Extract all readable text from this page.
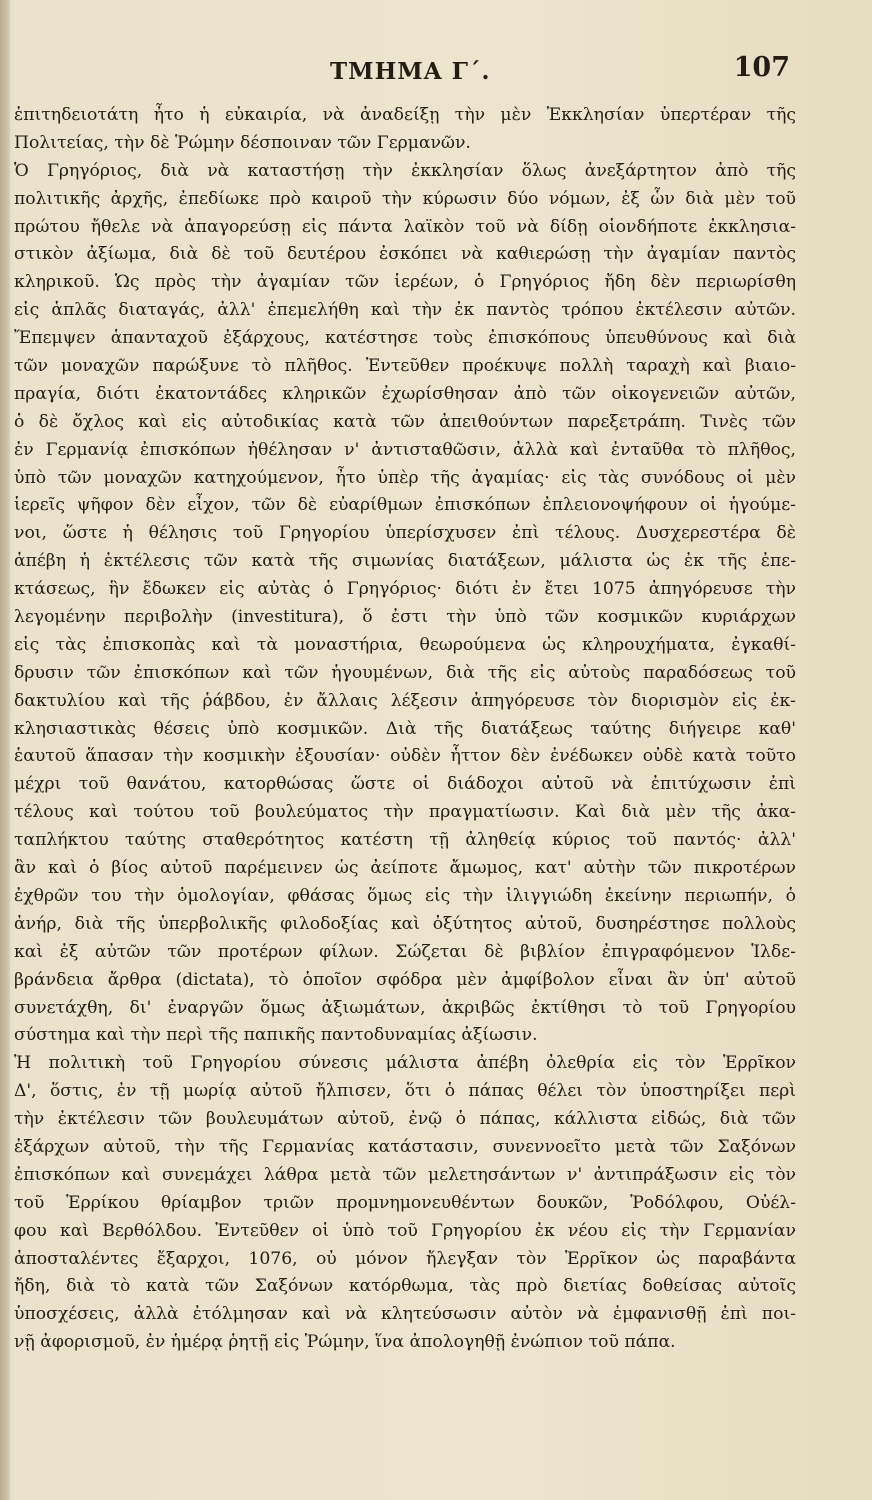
ΤΜΗΜΑ Γ΄.	107
ἐπιτηδειοτάτη ἦτο ἡ εὐκαιρία, νὰ ἀναδείξῃ τὴν μὲν Ἐκκλησίαν ὑπερτέραν τῆς
Πολιτείας, τὴν δὲ Ῥώμην δέσποιναν τῶν Γερμανῶν.
Ὁ Γρηγόριος, διὰ νὰ καταστήσῃ τὴν ἐκκλησίαν ὅλως ἀνεξάρτητον ἀπὸ τῆς
πολιτικῆς ἀρχῆς, ἐπεδίωκε πρὸ καιροῦ τὴν κύρωσιν δύο νόμων, ἐξ ὧν διὰ μὲν τοῦ
πρώτου ἤθελε νὰ ἀπαγορεύσῃ εἰς πάντα λαϊκὸν τοῦ νὰ δίδῃ οἱονδήποτε ἐκκλησια-
στικὸν ἀξίωμα, διὰ δὲ τοῦ δευτέρου ἐσκόπει νὰ καθιερώσῃ τὴν ἀγαμίαν παντὸς
κληρικοῦ. Ὡς πρὸς τὴν ἀγαμίαν τῶν ἱερέων, ὁ Γρηγόριος ἤδη δὲν περιωρίσθη
εἰς ἁπλᾶς διαταγάς, ἀλλ' ἐπεμελήθη καὶ τὴν ἐκ παντὸς τρόπου ἐκτέλεσιν αὐτῶν.
Ἔπεμψεν ἁπανταχοῦ ἐξάρχους, κατέστησε τοὺς ἐπισκόπους ὑπευθύνους καὶ διὰ
τῶν μοναχῶν παρώξυνε τὸ πλῆθος. Ἐντεῦθεν προέκυψε πολλὴ ταραχὴ καὶ βιαιο-
πραγία, διότι ἑκατοντάδες κληρικῶν ἐχωρίσθησαν ἀπὸ τῶν οἰκογενειῶν αὐτῶν,
ὁ δὲ ὄχλος καὶ εἰς αὐτοδικίας κατὰ τῶν ἀπειθούντων παρεξετράπη. Τινὲς τῶν
ἐν Γερμανίᾳ ἐπισκόπων ἠθέλησαν ν' ἀντισταθῶσιν, ἀλλὰ καὶ ἐνταῦθα τὸ πλῆθος,
ὑπὸ τῶν μοναχῶν κατηχούμενον, ἦτο ὑπὲρ τῆς ἀγαμίας· εἰς τὰς συνόδους οἱ μὲν
ἱερεῖς ψῆφον δὲν εἶχον, τῶν δὲ εὐαρίθμων ἐπισκόπων ἐπλειονοψήφουν οἱ ἡγούμε-
νοι, ὥστε ἡ θέλησις τοῦ Γρηγορίου ὑπερίσχυσεν ἐπὶ τέλους. Δυσχερεστέρα δὲ
ἀπέβη ἡ ἐκτέλεσις τῶν κατὰ τῆς σιμωνίας διατάξεων, μάλιστα ὡς ἐκ τῆς ἐπε-
κτάσεως, ἣν ἔδωκεν εἰς αὐτὰς ὁ Γρηγόριος· διότι ἐν ἔτει 1075 ἀπηγόρευσε τὴν
λεγομένην περιβολὴν (investitura), ὅ ἐστι τὴν ὑπὸ τῶν κοσμικῶν κυριάρχων
εἰς τὰς ἐπισκοπὰς καὶ τὰ μοναστήρια, θεωρούμενα ὡς κληρουχήματα, ἐγκαθί-
δρυσιν τῶν ἐπισκόπων καὶ τῶν ἡγουμένων, διὰ τῆς εἰς αὐτοὺς παραδόσεως τοῦ
δακτυλίου καὶ τῆς ῥάβδου, ἐν ἄλλαις λέξεσιν ἀπηγόρευσε τὸν διορισμὸν εἰς ἐκ-
κλησιαστικὰς θέσεις ὑπὸ κοσμικῶν. Διὰ τῆς διατάξεως ταύτης διήγειρε καθ'
ἑαυτοῦ ἅπασαν τὴν κοσμικὴν ἐξουσίαν· οὐδὲν ἧττον δὲν ἐνέδωκεν οὐδὲ κατὰ τοῦτο
μέχρι τοῦ θανάτου, κατορθώσας ὥστε οἱ διάδοχοι αὐτοῦ νὰ ἐπιτύχωσιν ἐπὶ
τέλους καὶ τούτου τοῦ βουλεύματος τὴν πραγματίωσιν. Καὶ διὰ μὲν τῆς ἀκα-
ταπλήκτου ταύτης σταθερότητος κατέστη τῇ ἀληθείᾳ κύριος τοῦ παντός· ἀλλ'
ἂν καὶ ὁ βίος αὐτοῦ παρέμεινεν ὡς ἀείποτε ἄμωμος, κατ' αὐτὴν τῶν πικροτέρων
ἐχθρῶν του τὴν ὁμολογίαν, φθάσας ὅμως εἰς τὴν ἰλιγγιώδη ἐκείνην περιωπήν, ὁ
ἀνήρ, διὰ τῆς ὑπερβολικῆς φιλοδοξίας καὶ ὀξύτητος αὐτοῦ, δυσηρέστησε πολλοὺς
καὶ ἐξ αὐτῶν τῶν προτέρων φίλων. Σώζεται δὲ βιβλίον ἐπιγραφόμενον Ἱλδε-
βράνδεια ἄρθρα (dictata), τὸ ὁποῖον σφόδρα μὲν ἀμφίβολον εἶναι ἂν ὑπ' αὐτοῦ
συνετάχθη, δι' ἐναργῶν ὅμως ἀξιωμάτων, ἀκριβῶς ἐκτίθησι τὸ τοῦ Γρηγορίου
σύστημα καὶ τὴν περὶ τῆς παπικῆς παντοδυναμίας ἀξίωσιν.
Ἡ πολιτικὴ τοῦ Γρηγορίου σύνεσις μάλιστα ἀπέβη ὀλεθρία εἰς τὸν Ἑρρῖκον
Δ', ὅστις, ἐν τῇ μωρίᾳ αὐτοῦ ἤλπισεν, ὅτι ὁ πάπας θέλει τὸν ὑποστηρίξει περὶ
τὴν ἐκτέλεσιν τῶν βουλευμάτων αὐτοῦ, ἐνῷ ὁ πάπας, κάλλιστα εἰδώς, διὰ τῶν
ἐξάρχων αὐτοῦ, τὴν τῆς Γερμανίας κατάστασιν, συνεννοεῖτο μετὰ τῶν Σαξόνων
ἐπισκόπων καὶ συνεμάχει λάθρα μετὰ τῶν μελετησάντων ν' ἀντιπράξωσιν εἰς τὸν
τοῦ Ἑρρίκου θρίαμβον τριῶν προμνημονευθέντων δουκῶν, Ῥοδόλφου, Οὐέλ-
φου καὶ Βερθόλδου. Ἐντεῦθεν οἱ ὑπὸ τοῦ Γρηγορίου ἐκ νέου εἰς τὴν Γερμανίαν
ἀποσταλέντες ἔξαρχοι, 1076, οὐ μόνον ἤλεγξαν τὸν Ἑρρῖκον ὡς παραβάντα
ἤδη, διὰ τὸ κατὰ τῶν Σαξόνων κατόρθωμα, τὰς πρὸ διετίας δοθείσας αὐτοῖς
ὑποσχέσεις, ἀλλὰ ἐτόλμησαν καὶ νὰ κλητεύσωσιν αὐτὸν νὰ ἐμφανισθῇ ἐπὶ ποι-
νῇ ἀφορισμοῦ, ἐν ἡμέρᾳ ῥητῇ εἰς Ῥώμην, ἵνα ἀπολογηθῇ ἐνώπιον τοῦ πάπα.
